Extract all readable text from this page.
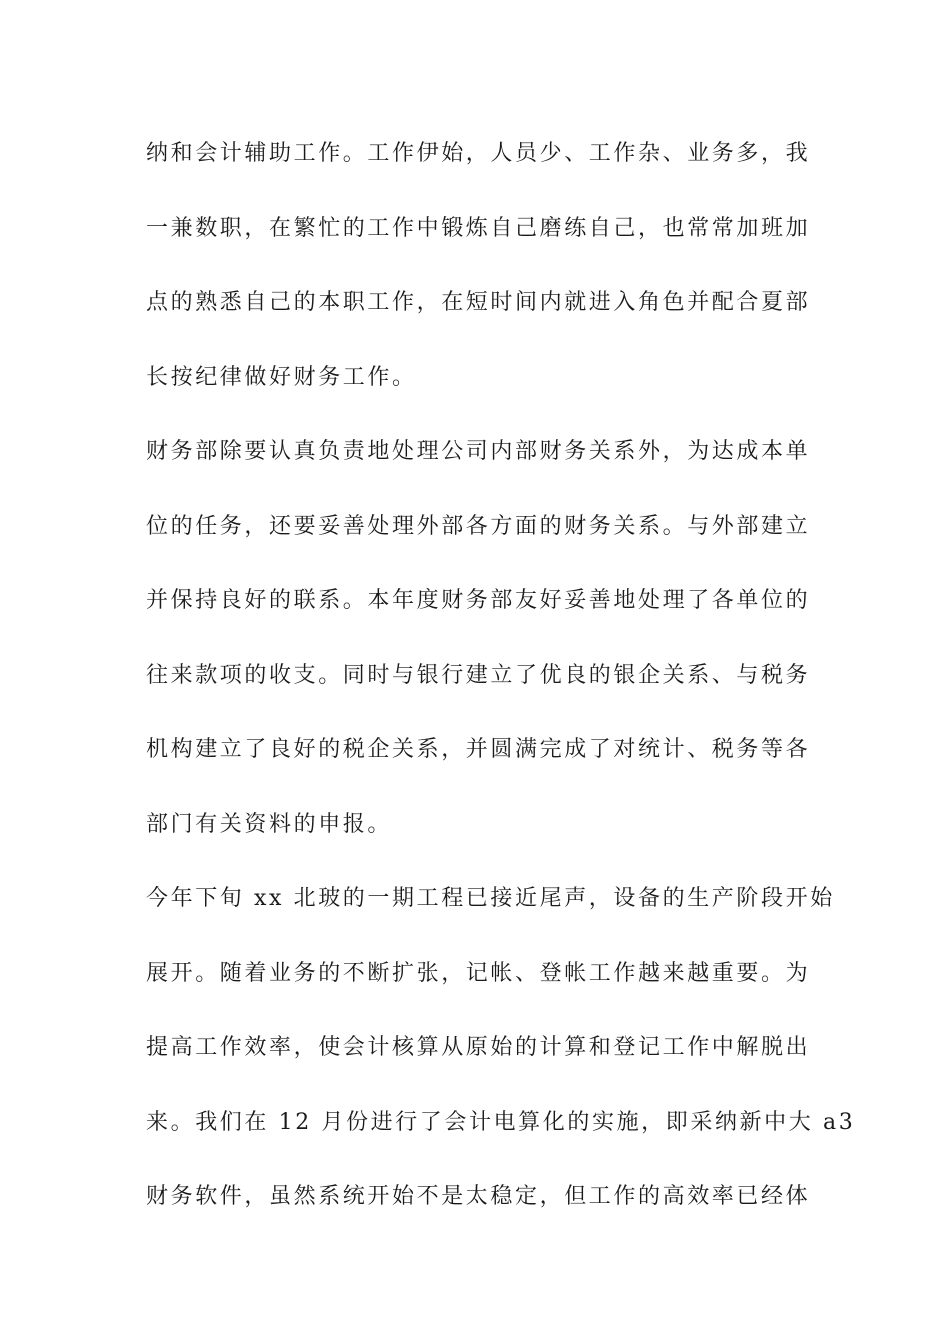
纳和会计辅助工作。工作伊始，人员少、工作杂、业务多，我
一兼数职，在繁忙的工作中锻炼自己磨练自己，也常常加班加
点的熟悉自己的本职工作，在短时间内就进入角色并配合夏部
长按纪律做好财务工作。
财务部除要认真负责地处理公司内部财务关系外，为达成本单
位的任务，还要妥善处理外部各方面的财务关系。与外部建立
并保持良好的联系。本年度财务部友好妥善地处理了各单位的
往来款项的收支。同时与银行建立了优良的银企关系、与税务
机构建立了良好的税企关系，并圆满完成了对统计、税务等各
部门有关资料的申报。
今年下旬 xx 北玻的一期工程已接近尾声，设备的生产阶段开始
展开。随着业务的不断扩张，记帐、登帐工作越来越重要。为
提高工作效率，使会计核算从原始的计算和登记工作中解脱出
来。我们在 12 月份进行了会计电算化的实施，即采纳新中大 a3
财务软件，虽然系统开始不是太稳定，但工作的高效率已经体
